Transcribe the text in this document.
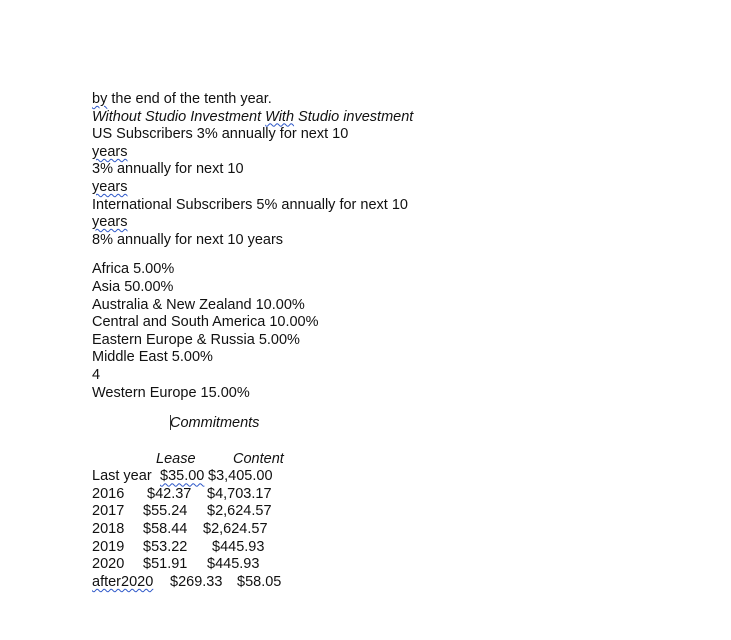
by the end of the tenth year.
Without Studio Investment With Studio investment
US Subscribers 3% annually for next 10
years
3% annually for next 10
years
International Subscribers 5% annually for next 10
years
8% annually for next 10 years
Africa 5.00%
Asia 50.00%
Australia & New Zealand 10.00%
Central and South America 10.00%
Eastern Europe & Russia 5.00%
Middle East 5.00%
4
Western Europe 15.00%
Commitments
Lease	Content
Last year $35.00 $3,405.00
2016 $42.37 $4,703.17
2017 $55.24 $2,624.57
2018 $58.44 $2,624.57
2019 $53.22 $445.93
2020 $51.91 $445.93
after2020 $269.33 $58.05
